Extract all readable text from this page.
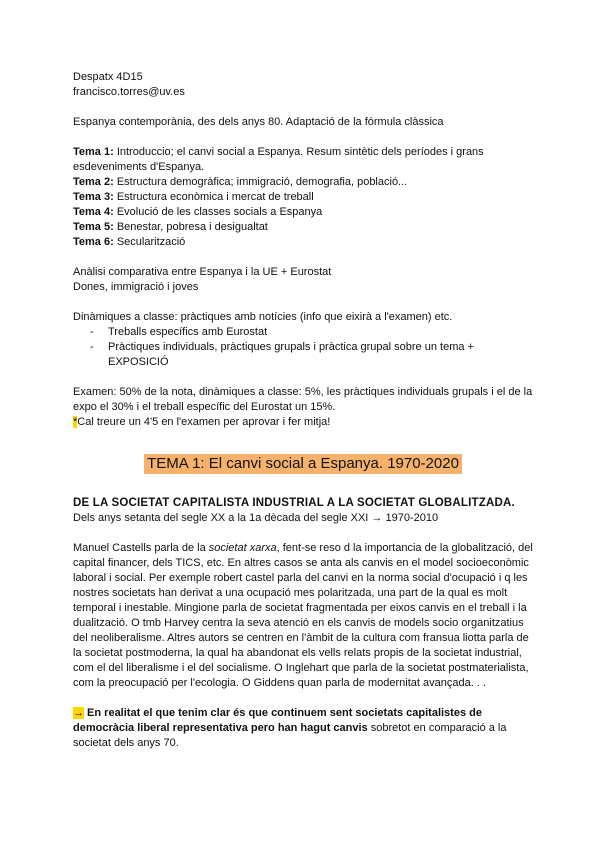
Despatx 4D15
francisco.torres@uv.es
Espanya contemporània, des dels anys 80. Adaptació de la fórmula clàssica
Tema 1: Introduccio; el canvi social a Espanya. Resum sintètic dels períodes i grans esdeveniments d'Espanya.
Tema 2: Estructura demogràfica; immigració, demografia, població...
Tema 3: Estructura econòmica i mercat de treball
Tema 4: Evolució de les classes socials a Espanya
Tema 5: Benestar, pobresa i desigualtat
Tema 6: Secularització
Anàlisi comparativa entre Espanya i la UE + Eurostat
Dones, immigració i joves
Dinàmiques a classe: pràctiques amb notícies (info que eixirà a l'examen) etc.
- Treballs específics amb Eurostat
- Pràctiques individuals, pràctiques grupals i pràctica grupal sobre un tema + EXPOSICIÓ
Examen: 50% de la nota, dinàmiques a classe: 5%, les pràctiques individuals grupals i el de la expo el 30% i el treball específic del Eurostat un 15%.
*Cal treure un 4'5 en l'examen per aprovar i fer mitja!
TEMA 1: El canvi social a Espanya. 1970-2020
DE LA SOCIETAT CAPITALISTA INDUSTRIAL A LA SOCIETAT GLOBALITZADA.
Dels anys setanta del segle XX a la 1a dècada del segle XXI → 1970-2010
Manuel Castells parla de la societat xarxa, fent-se reso d la importancia de la globalització, del capital financer, dels TICS, etc. En altres casos se anta als canvis en el model socioeconòmic laboral i social. Per exemple robert castel parla del canvi en la norma social d'ocupació i q les nostres societats han derivat a una ocupació mes polaritzada, una part de la qual es molt temporal i inestable. Mingione parla de societat fragmentada per eixos canvis en el treball i la dualització. O tmb Harvey centra la seva atenció en els canvis de models socio organitzatius del neoliberalisme. Altres autors se centren en l'àmbit de la cultura com fransua liotta parla de la societat postmoderna, la qual ha abandonat els vells relats propis de la societat industrial, com el del liberalisme i el del socialisme. O Inglehart que parla de la societat postmaterialista, com la preocupació per l'ecologia. O Giddens quan parla de modernitat avançada. . .
→ En realitat el que tenim clar és que continuem sent societats capitalistes de democràcia liberal representativa pero han hagut canvis sobretot en comparació a la societat dels anys 70.
